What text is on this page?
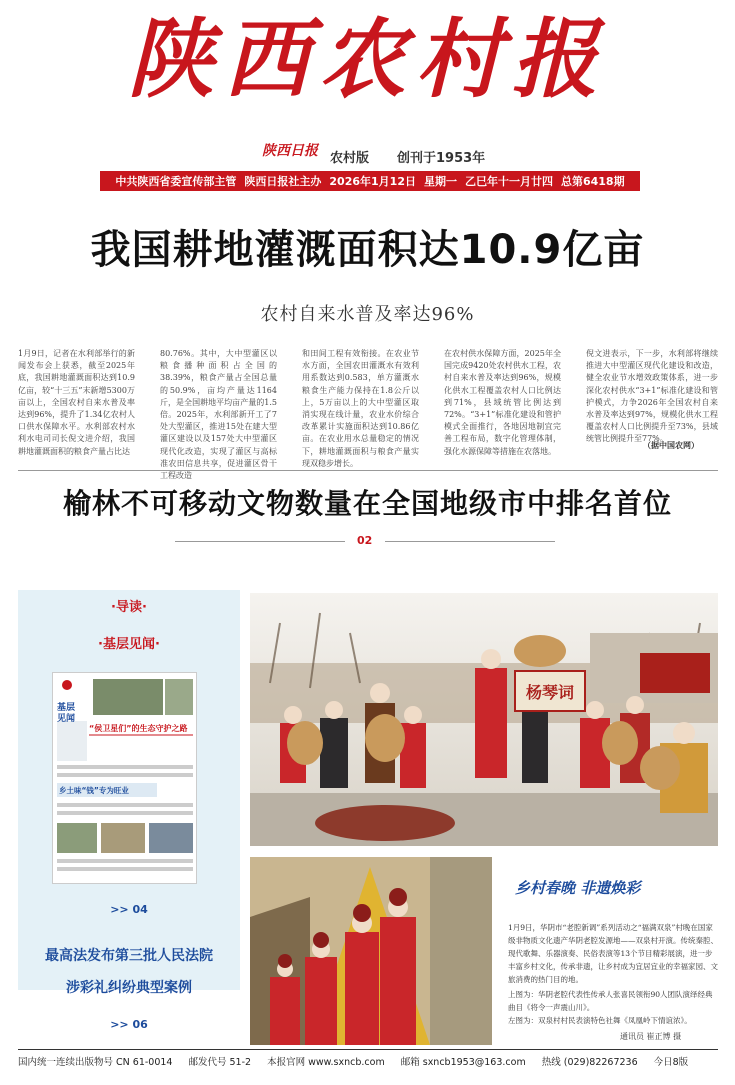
陕西农村报
陕西日报 农村版 创刊于1953年
中共陕西省委宣传部主管 陕西日报社主办 2026年1月12日 星期一 乙巳年十一月廿四 总第6418期
我国耕地灌溉面积达10.9亿亩
农村自来水普及率达96%
1月9日，记者在水利部举行的新闻发布会上获悉，截至2025年底，我国耕地灌溉面积达到10.9亿亩，较“十三五”末新增5300万亩以上，全国农村自来水普及率达到96%，提升了1.34亿农村人口供水保障水平。水利部农村水利水电司司长倪文进介绍，我国耕地灌溉面积的粮食产量占比达
80.76%。其中，大中型灌区以粮食播种面积占全国的38.39%，粮食产量占全国总量的50.9%，亩均产量达1164斤，是全国耕地平均亩产量的1.5倍。2025年，水利部新开工了7处大型灌区，推进15处在建大型灌区建设以及157处大中型灌区现代化改造，实现了灌区与高标准农田信息共享，促进灌区骨干工程改造
和田间工程有效衔接。在农业节水方面，全国农田灌溉水有效利用系数达到0.583，单方灌溉水粮食生产能力保持在1.8公斤以上，5万亩以上的大中型灌区取消实现在线计量，农业水价综合改革累计实施面积达到10.86亿亩。在农业用水总量稳定的情况下，耕地灌溉面积与粮食产量实现双稳步增长。
在农村供水保障方面，2025年全国完成9420处农村供水工程，农村自来水普及率达到96%，规模化供水工程覆盖农村人口比例达到71%，县域统管比例达到72%。“3+1”标准化建设和管护模式全面推行，各地因地制宜完善工程布局，数字化管理体制，强化水源保障等措施在农落地。
倪文进表示，下一步，水利部将继续推进大中型灌区现代化建设和改造，健全农业节水增效政策体系，进一步深化农村供水“3+1”标准化建设和管护模式，力争2026年全国农村自来水普及率达到97%，规模化供水工程覆盖农村人口比例提升至73%，县域统管比例提升至77%。
（据中国农网）
榆林不可移动文物数量在全国地级市中排名首位
02
·导读·
·基层见闻·
基层见闻
“侯卫星们”的生态守护之路
乡土味“钱”专为旺业
>> 04
最高法发布第三批人民法院
涉彩礼纠纷典型案例
>> 06
杨琴词
乡村春晚 非遗焕彩
1月9日，华阴市“老腔新调”系列活动之“福满双泉”村晚在国家级非物质文化遗产华阴老腔发源地——双泉村开演。传统秦腔、现代歌舞、乐器演奏、民俗表演等13个节目精彩展演，进一步丰富乡村文化，传承非遗，让乡村成为宜居宜业的幸福家园、文旅消费的热门目的地。
上图为：华阴老腔代表性传承人张喜民领衔90人团队演绎经典曲目《将令一声震山川》。
左图为：双泉村村民表演特色社舞《凤凰岭下情谊浓》。
通讯员 崔正博 摄
国内统一连续出版物号 CN 61-0014 邮发代号 51-2 本报官网 www.sxncb.com 邮箱 sxncb1953@163.com 热线 (029)82267236 今日8版
